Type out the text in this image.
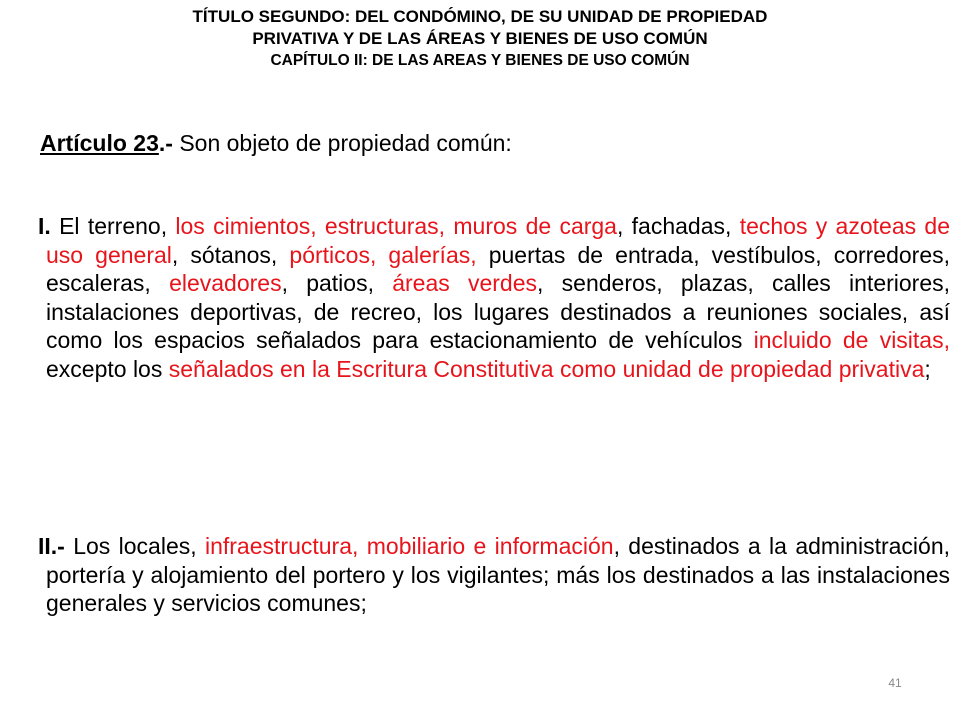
TÍTULO SEGUNDO: DEL CONDÓMINO, DE SU UNIDAD DE PROPIEDAD
PRIVATIVA Y DE LAS ÁREAS Y BIENES DE USO COMÚN
CAPÍTULO II: DE LAS AREAS Y BIENES DE USO COMÚN
Artículo 23.- Son objeto de propiedad común:
I. El terreno, los cimientos, estructuras, muros de carga, fachadas, techos y azoteas de uso general, sótanos, pórticos, galerías, puertas de entrada, vestíbulos, corredores, escaleras, elevadores, patios, áreas verdes, senderos, plazas, calles interiores, instalaciones deportivas, de recreo, los lugares destinados a reuniones sociales, así como los espacios señalados para estacionamiento de vehículos incluido de visitas, excepto los señalados en la Escritura Constitutiva como unidad de propiedad privativa;
II.- Los locales, infraestructura, mobiliario e información, destinados a la administración, portería y alojamiento del portero y los vigilantes; más los destinados a las instalaciones generales y servicios comunes;
41
